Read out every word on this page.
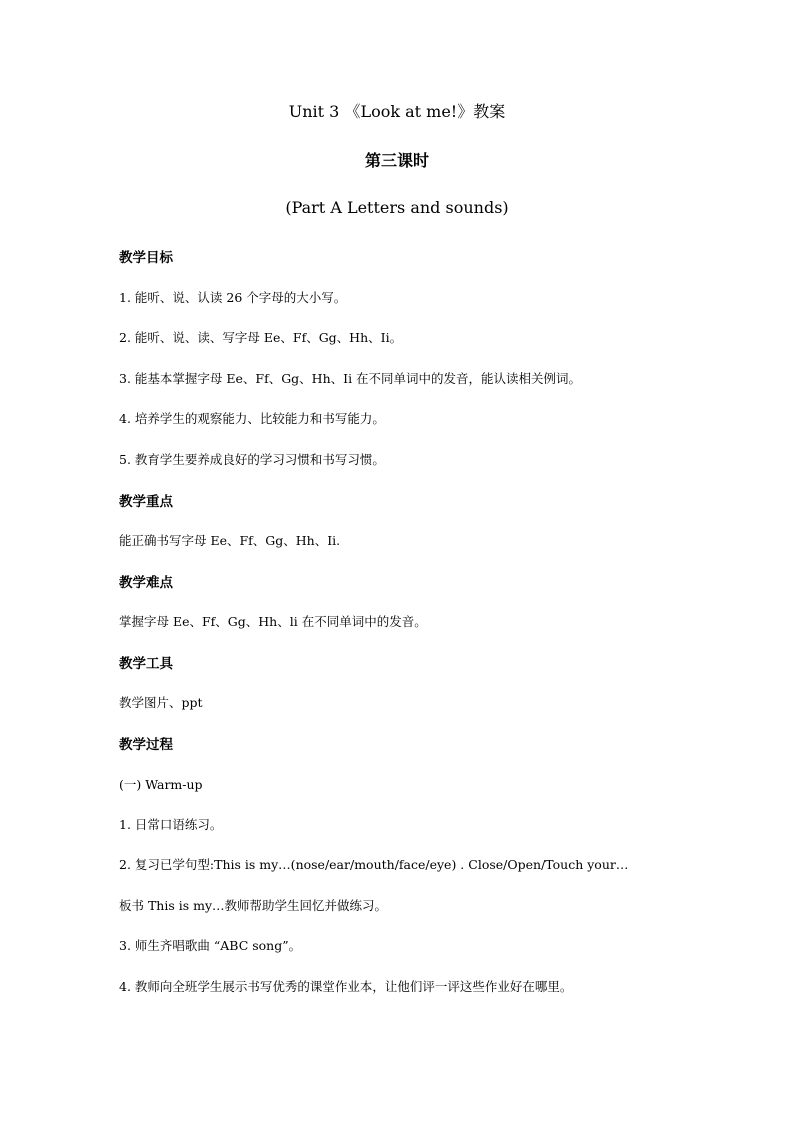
Unit 3 《Look at me!》教案
第三课时
(Part A Letters and sounds)
教学目标
1. 能听、说、认读 26 个字母的大小写。
2. 能听、说、读、写字母 Ee、Ff、Gg、Hh、Ii。
3. 能基本掌握字母 Ee、Ff、Gg、Hh、Ii 在不同单词中的发音，能认读相关例词。
4. 培养学生的观察能力、比较能力和书写能力。
5. 教育学生要养成良好的学习习惯和书写习惯。
教学重点
能正确书写字母 Ee、Ff、Gg、Hh、Ii.
教学难点
掌握字母 Ee、Ff、Gg、Hh、li 在不同单词中的发音。
教学工具
教学图片、ppt
教学过程
(一) Warm-up
1. 日常口语练习。
2. 复习已学句型:This is my…(nose/ear/mouth/face/eye) . Close/Open/Touch your…
板书 This is my…教师帮助学生回忆并做练习。
3. 师生齐唱歌曲 “ABC song”。
4. 教师向全班学生展示书写优秀的课堂作业本，让他们评一评这些作业好在哪里。
